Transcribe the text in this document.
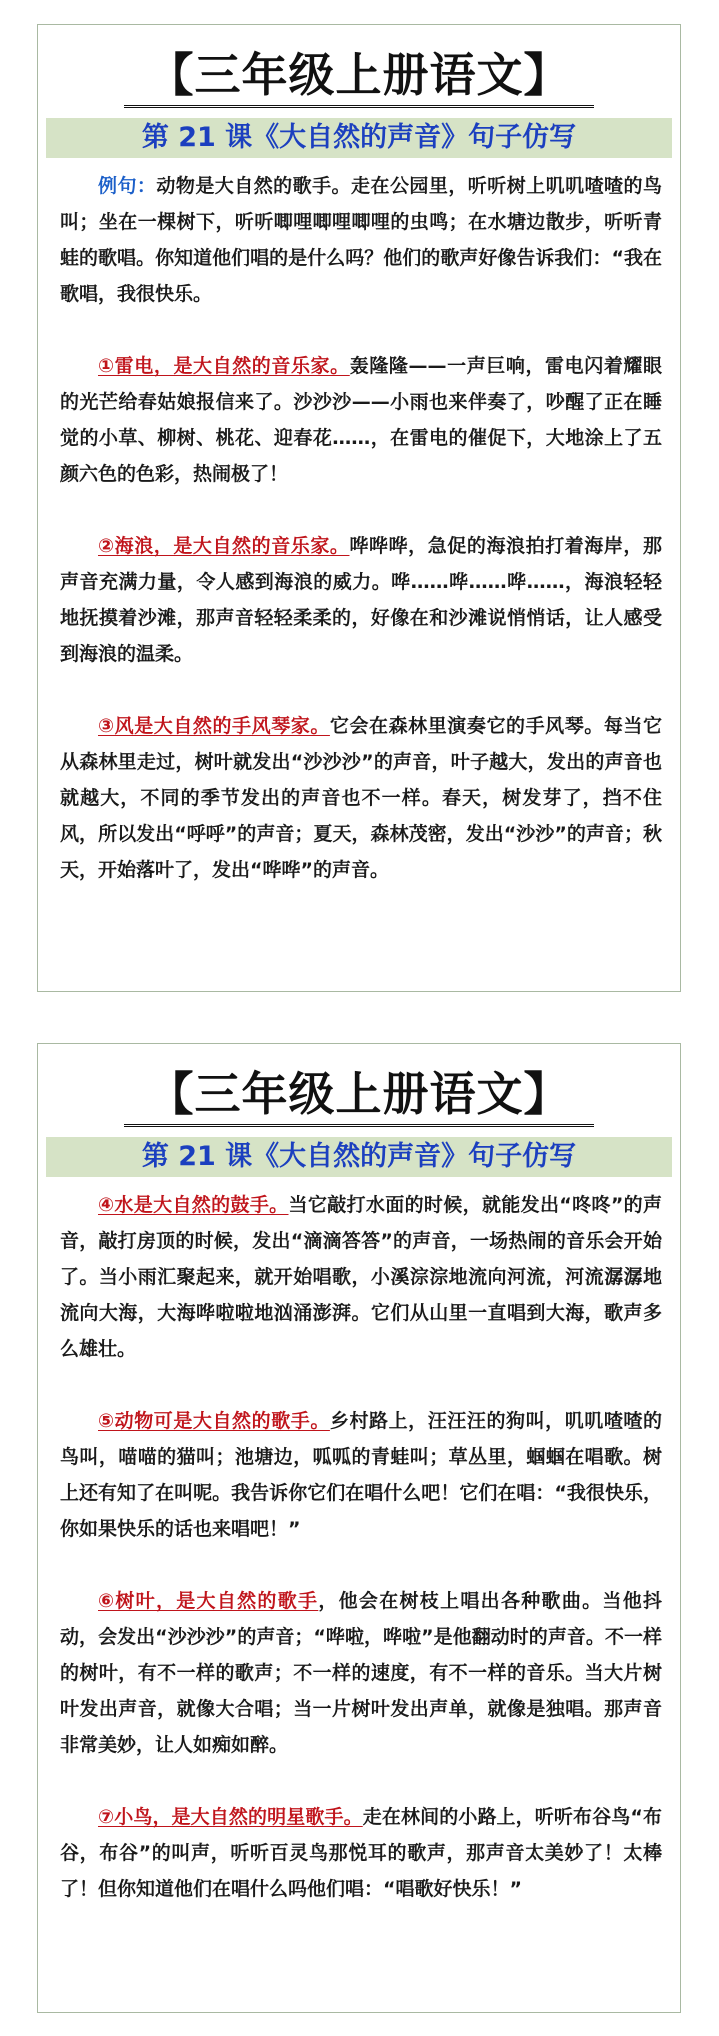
【三年级上册语文】
第 21 课《大自然的声音》句子仿写

例句：动物是大自然的歌手。走在公园里，听听树上叽叽喳喳的鸟叫；坐在一棵树下，听听唧哩唧哩唧哩的虫鸣；在水塘边散步，听听青蛙的歌唱。你知道他们唱的是什么吗？他们的歌声好像告诉我们：“我在歌唱，我很快乐。

①雷电，是大自然的音乐家。轰隆隆——一声巨响，雷电闪着耀眼的光芒给春姑娘报信来了。沙沙沙——小雨也来伴奏了，吵醒了正在睡觉的小草、柳树、桃花、迎春花……，在雷电的催促下，大地涂上了五颜六色的色彩，热闹极了！

②海浪，是大自然的音乐家。哗哗哗，急促的海浪拍打着海岸，那声音充满力量，令人感到海浪的威力。哗……哗……哗……，海浪轻轻地抚摸着沙滩，那声音轻轻柔柔的，好像在和沙滩说悄悄话，让人感受到海浪的温柔。

③风是大自然的手风琴家。它会在森林里演奏它的手风琴。每当它从森林里走过，树叶就发出“沙沙沙”的声音，叶子越大，发出的声音也就越大，不同的季节发出的声音也不一样。春天，树发芽了，挡不住风，所以发出“呼呼”的声音；夏天，森林茂密，发出“沙沙”的声音；秋天，开始落叶了，发出“哗哗”的声音。

【三年级上册语文】
第 21 课《大自然的声音》句子仿写

④水是大自然的鼓手。当它敲打水面的时候，就能发出“咚咚”的声音，敲打房顶的时候，发出“滴滴答答”的声音，一场热闹的音乐会开始了。当小雨汇聚起来，就开始唱歌，小溪淙淙地流向河流，河流潺潺地流向大海，大海哗啦啦地汹涌澎湃。它们从山里一直唱到大海，歌声多么雄壮。

⑤动物可是大自然的歌手。乡村路上，汪汪汪的狗叫，叽叽喳喳的鸟叫，喵喵的猫叫；池塘边，呱呱的青蛙叫；草丛里，蝈蝈在唱歌。树上还有知了在叫呢。我告诉你它们在唱什么吧！它们在唱：“我很快乐，你如果快乐的话也来唱吧！”

⑥树叶，是大自然的歌手，他会在树枝上唱出各种歌曲。当他抖动，会发出“沙沙沙”的声音；“哗啦，哗啦”是他翻动时的声音。不一样的树叶，有不一样的歌声；不一样的速度，有不一样的音乐。当大片树叶发出声音，就像大合唱；当一片树叶发出声单，就像是独唱。那声音非常美妙，让人如痴如醉。

⑦小鸟，是大自然的明星歌手。走在林间的小路上，听听布谷鸟“布谷，布谷”的叫声，听听百灵鸟那悦耳的歌声，那声音太美妙了！太棒了！但你知道他们在唱什么吗他们唱：“唱歌好快乐！”
